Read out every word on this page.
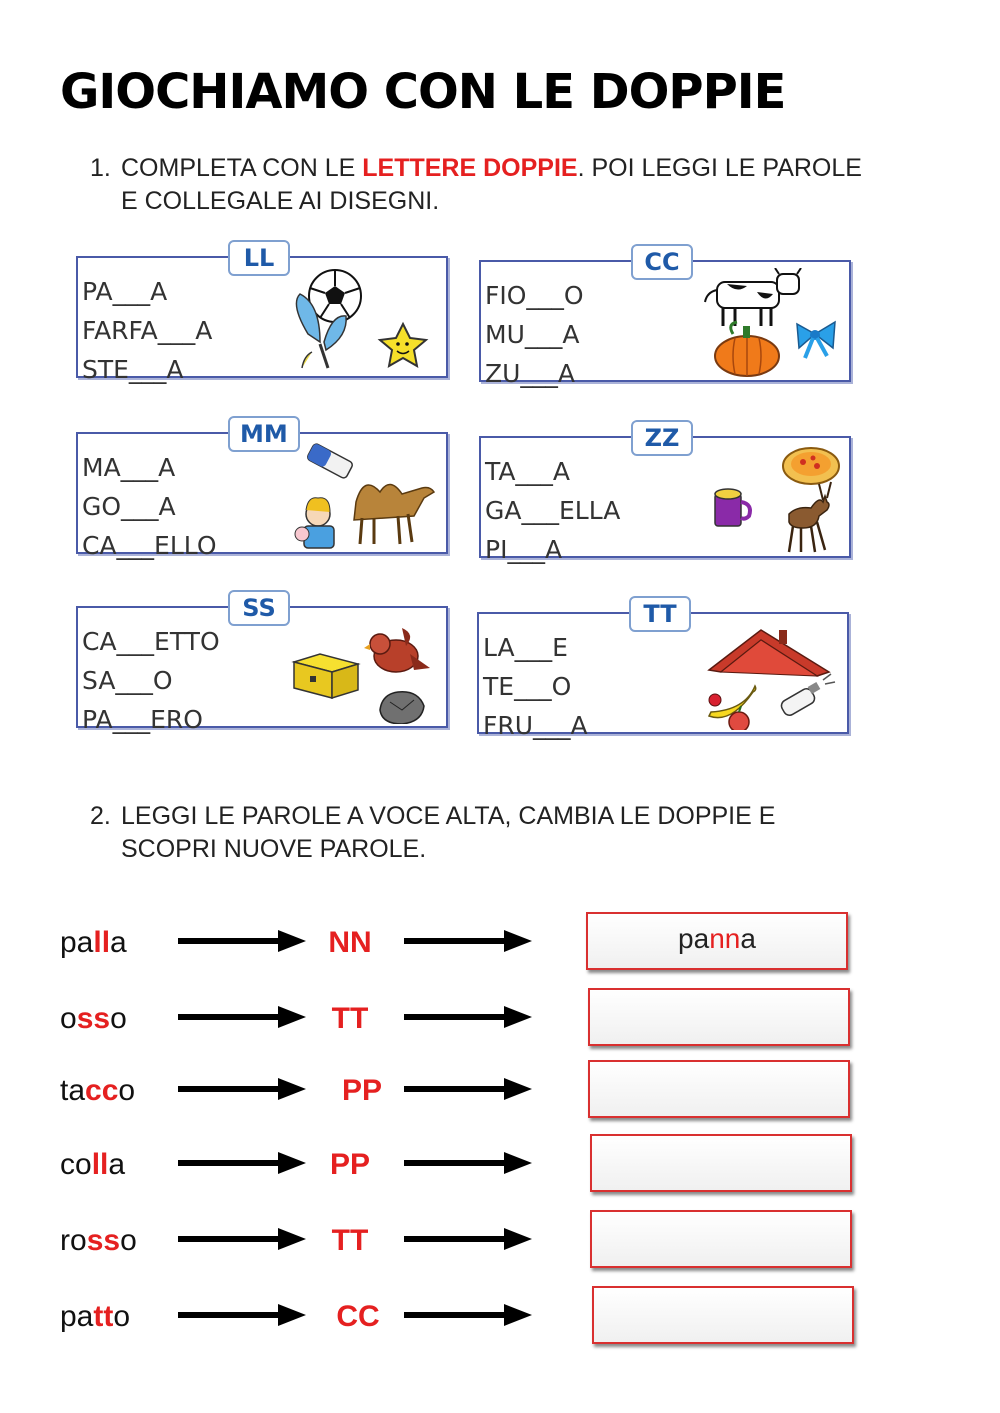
GIOCHIAMO CON LE DOPPIE
1. COMPLETA CON LE LETTERE DOPPIE. POI LEGGI LE PAROLE
E COLLEGALE AI DISEGNI.
LL
PA___A
FARFA___A
STE___A
CC
FIO___O
MU___A
ZU___A
MM
MA___A
GO___A
CA___ELLO
ZZ
TA___A
GA___ELLA
PI___A
SS
CA___ETTO
SA___O
PA___ERO
TT
LA___E
TE___O
FRU___A
2. LEGGI LE PAROLE A VOCE ALTA, CAMBIA LE DOPPIE E
SCOPRI NUOVE PAROLE.
palla	NN	panna
osso	TT
tacco	PP
colla	PP
rosso	TT
patto	CC
